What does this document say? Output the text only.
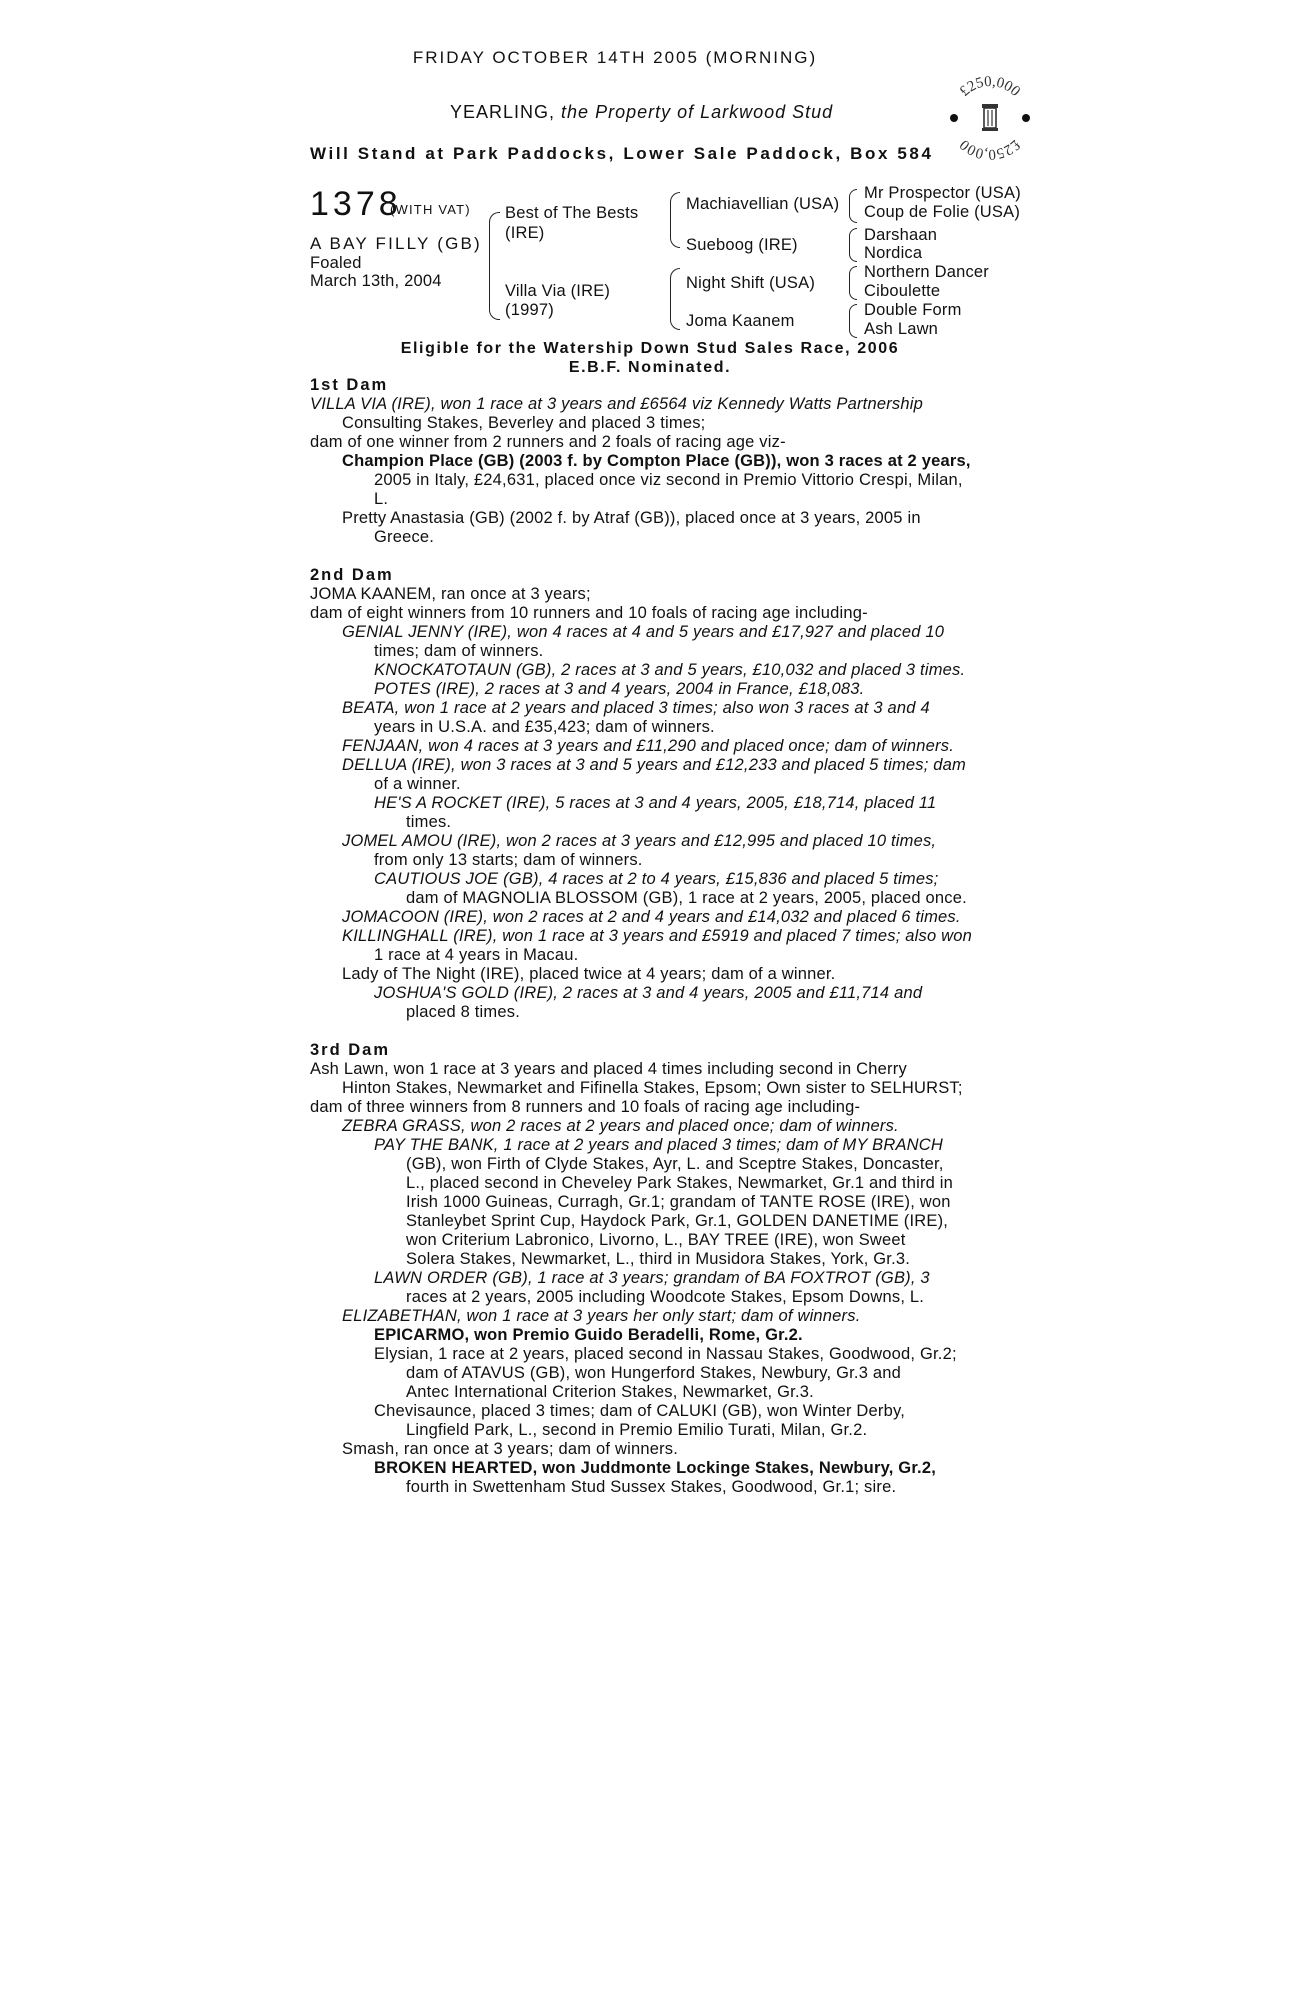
FRIDAY OCTOBER 14TH 2005 (MORNING)
YEARLING, the Property of Larkwood Stud
Will Stand at Park Paddocks, Lower Sale Paddock, Box 584
£250,000
£250,000
1378
(WITH VAT)
A BAY FILLY (GB)
Foaled
March 13th, 2004
Best of The Bests
(IRE)
Villa Via (IRE)
(1997)
Machiavellian (USA)
Sueboog (IRE)
Night Shift (USA)
Joma Kaanem
Mr Prospector (USA)
Coup de Folie (USA)
Darshaan
Nordica
Northern Dancer
Ciboulette
Double Form
Ash Lawn
Eligible for the Watership Down Stud Sales Race, 2006
E.B.F. Nominated.
1st Dam
VILLA VIA (IRE), won 1 race at 3 years and £6564 viz Kennedy Watts Partnership
Consulting Stakes, Beverley and placed 3 times;
dam of one winner from 2 runners and 2 foals of racing age viz-
Champion Place (GB) (2003 f. by Compton Place (GB)), won 3 races at 2 years,
2005 in Italy, £24,631, placed once viz second in Premio Vittorio Crespi, Milan,
L.
Pretty Anastasia (GB) (2002 f. by Atraf (GB)), placed once at 3 years, 2005 in
Greece.
2nd Dam
JOMA KAANEM, ran once at 3 years;
dam of eight winners from 10 runners and 10 foals of racing age including-
GENIAL JENNY (IRE), won 4 races at 4 and 5 years and £17,927 and placed 10
times; dam of winners.
KNOCKATOTAUN (GB), 2 races at 3 and 5 years, £10,032 and placed 3 times.
POTES (IRE), 2 races at 3 and 4 years, 2004 in France, £18,083.
BEATA, won 1 race at 2 years and placed 3 times; also won 3 races at 3 and 4
years in U.S.A. and £35,423; dam of winners.
FENJAAN, won 4 races at 3 years and £11,290 and placed once; dam of winners.
DELLUA (IRE), won 3 races at 3 and 5 years and £12,233 and placed 5 times; dam
of a winner.
HE'S A ROCKET (IRE), 5 races at 3 and 4 years, 2005, £18,714, placed 11
times.
JOMEL AMOU (IRE), won 2 races at 3 years and £12,995 and placed 10 times,
from only 13 starts; dam of winners.
CAUTIOUS JOE (GB), 4 races at 2 to 4 years, £15,836 and placed 5 times;
dam of MAGNOLIA BLOSSOM (GB), 1 race at 2 years, 2005, placed once.
JOMACOON (IRE), won 2 races at 2 and 4 years and £14,032 and placed 6 times.
KILLINGHALL (IRE), won 1 race at 3 years and £5919 and placed 7 times; also won
1 race at 4 years in Macau.
Lady of The Night (IRE), placed twice at 4 years; dam of a winner.
JOSHUA'S GOLD (IRE), 2 races at 3 and 4 years, 2005 and £11,714 and
placed 8 times.
3rd Dam
Ash Lawn, won 1 race at 3 years and placed 4 times including second in Cherry
Hinton Stakes, Newmarket and Fifinella Stakes, Epsom; Own sister to SELHURST;
dam of three winners from 8 runners and 10 foals of racing age including-
ZEBRA GRASS, won 2 races at 2 years and placed once; dam of winners.
PAY THE BANK, 1 race at 2 years and placed 3 times; dam of MY BRANCH
(GB), won Firth of Clyde Stakes, Ayr, L. and Sceptre Stakes, Doncaster,
L., placed second in Cheveley Park Stakes, Newmarket, Gr.1 and third in
Irish 1000 Guineas, Curragh, Gr.1; grandam of TANTE ROSE (IRE), won
Stanleybet Sprint Cup, Haydock Park, Gr.1, GOLDEN DANETIME (IRE),
won Criterium Labronico, Livorno, L., BAY TREE (IRE), won Sweet
Solera Stakes, Newmarket, L., third in Musidora Stakes, York, Gr.3.
LAWN ORDER (GB), 1 race at 3 years; grandam of BA FOXTROT (GB), 3
races at 2 years, 2005 including Woodcote Stakes, Epsom Downs, L.
ELIZABETHAN, won 1 race at 3 years her only start; dam of winners.
EPICARMO, won Premio Guido Beradelli, Rome, Gr.2.
Elysian, 1 race at 2 years, placed second in Nassau Stakes, Goodwood, Gr.2;
dam of ATAVUS (GB), won Hungerford Stakes, Newbury, Gr.3 and
Antec International Criterion Stakes, Newmarket, Gr.3.
Chevisaunce, placed 3 times; dam of CALUKI (GB), won Winter Derby,
Lingfield Park, L., second in Premio Emilio Turati, Milan, Gr.2.
Smash, ran once at 3 years; dam of winners.
BROKEN HEARTED, won Juddmonte Lockinge Stakes, Newbury, Gr.2,
fourth in Swettenham Stud Sussex Stakes, Goodwood, Gr.1; sire.
